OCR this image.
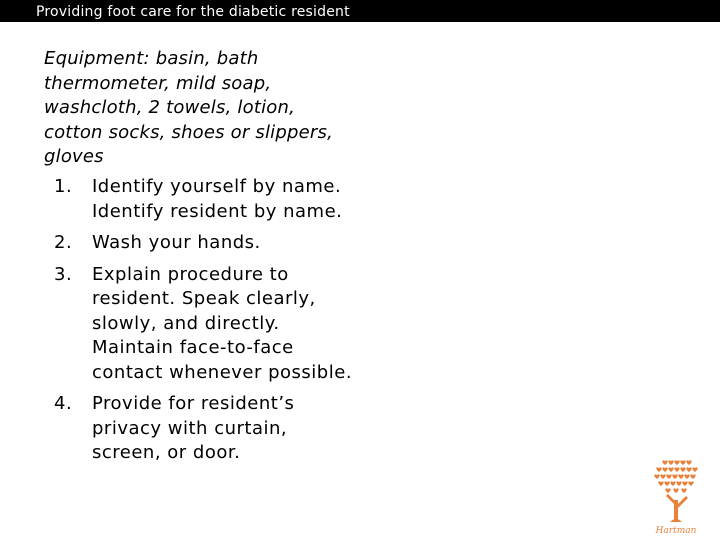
Providing foot care for the diabetic resident
Equipment: basin, bath thermometer, mild soap, washcloth, 2 towels, lotion, cotton socks, shoes or slippers, gloves
1. Identify yourself by name. Identify resident by name.
2. Wash your hands.
3. Explain procedure to resident. Speak clearly, slowly, and directly. Maintain face-to-face contact whenever possible.
4. Provide for resident’s privacy with curtain, screen, or door.
Hartman
